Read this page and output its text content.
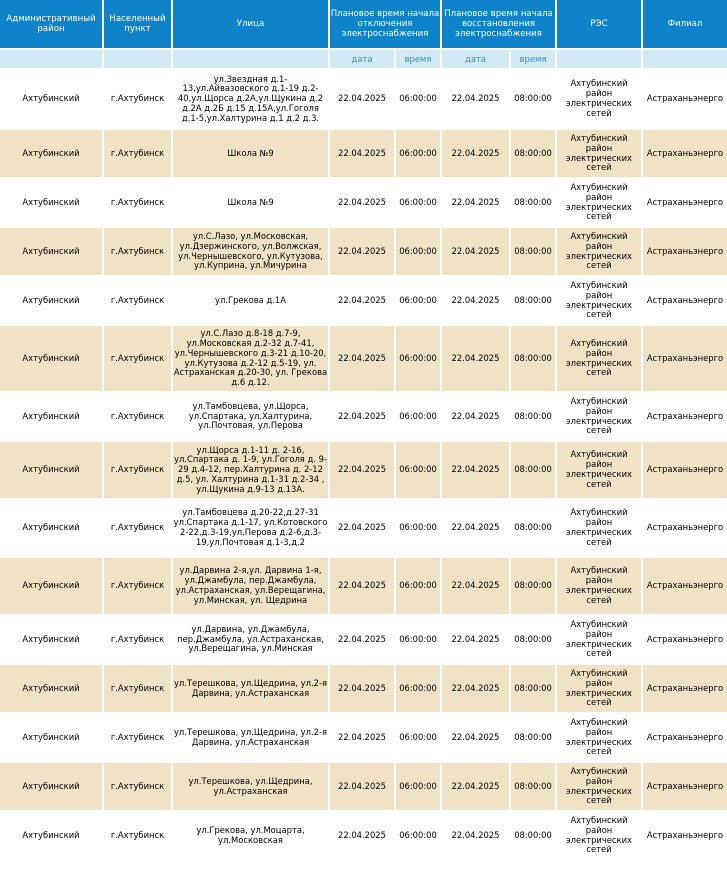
Административный район	Населенный пункт	Улица	Плановое время начала отключения электроснабжения		Плановое время начала восстановления электроснабжения		РЭС	Филиал
			дата	время	дата	время		
Ахтубинский	г.Ахтубинск	ул.Звездная д.1-13,ул.Айвазовского д.1-19 д.2-40,ул.Щорса д.2А,ул.Щукина д.2 д.2А д.2Б д.15 д.15А,ул.Гоголя д.1-5,ул.Халтурина д.1 д.2 д.3.	22.04.2025	06:00:00	22.04.2025	08:00:00	Ахтубинский район электрических сетей	Астраханьэнерго
Ахтубинский	г.Ахтубинск	Школа №9	22.04.2025	06:00:00	22.04.2025	08:00:00	Ахтубинский район электрических сетей	Астраханьэнерго
Ахтубинский	г.Ахтубинск	Школа №9	22.04.2025	06:00:00	22.04.2025	08:00:00	Ахтубинский район электрических сетей	Астраханьэнерго
Ахтубинский	г.Ахтубинск	ул.С.Лазо, ул.Московская, ул.Дзержинского, ул.Волжская, ул.Чернышевского, ул.Кутузова, ул.Куприна, ул.Мичурина	22.04.2025	06:00:00	22.04.2025	08:00:00	Ахтубинский район электрических сетей	Астраханьэнерго
Ахтубинский	г.Ахтубинск	ул.Грекова д.1А	22.04.2025	06:00:00	22.04.2025	08:00:00	Ахтубинский район электрических сетей	Астраханьэнерго
Ахтубинский	г.Ахтубинск	ул.С.Лазо д.8-18 д.7-9, ул.Московская д.2-32 д.7-41, ул.Чернышевского д.3-21 д.10-20, ул.Кутузова д.2-12 д.5-19, ул. Астраханская д.20-30, ул. Грекова д.6 д.12.	22.04.2025	06:00:00	22.04.2025	08:00:00	Ахтубинский район электрических сетей	Астраханьэнерго
Ахтубинский	г.Ахтубинск	ул.Тамбовцева, ул.Щорса, ул.Спартака, ул.Халтурина, ул.Почтовая, ул.Перова	22.04.2025	06:00:00	22.04.2025	08:00:00	Ахтубинский район электрических сетей	Астраханьэнерго
Ахтубинский	г.Ахтубинск	ул.Щорса д.1-11 д. 2-16, ул.Спартака д. 1-9, ул.Гоголя д. 9-29 д.4-12, пер.Халтурина д. 2-12 д.5, ул. Халтурина д.1-31 д.2-34 , ул.Щукина д.9-13 д.13А.	22.04.2025	06:00:00	22.04.2025	08:00:00	Ахтубинский район электрических сетей	Астраханьэнерго
Ахтубинский	г.Ахтубинск	ул.Тамбовцева д.20-22,д.27-31 ул.Спартака д.1-17, ул.Котовского 2-22,д.3-19,ул.Перова д.2-6,д.3-19,ул.Почтовая д.1-3,д.2	22.04.2025	06:00:00	22.04.2025	08:00:00	Ахтубинский район электрических сетей	Астраханьэнерго
Ахтубинский	г.Ахтубинск	ул.Дарвина 2-я,ул. Дарвина 1-я, ул.Джамбула, пер.Джамбула, ул.Астраханская, ул.Верещагина, ул.Минская, ул. Щедрина	22.04.2025	06:00:00	22.04.2025	08:00:00	Ахтубинский район электрических сетей	Астраханьэнерго
Ахтубинский	г.Ахтубинск	ул.Дарвина, ул.Джамбула, пер.Джамбула, ул.Астраханская, ул.Верещагина, ул.Минская	22.04.2025	06:00:00	22.04.2025	08:00:00	Ахтубинский район электрических сетей	Астраханьэнерго
Ахтубинский	г.Ахтубинск	ул.Терешкова, ул.Щедрина, ул.2-я Дарвина, ул.Астраханская	22.04.2025	06:00:00	22.04.2025	08:00:00	Ахтубинский район электрических сетей	Астраханьэнерго
Ахтубинский	г.Ахтубинск	ул.Терешкова, ул.Щедрина, ул.2-я Дарвина, ул.Астраханская	22.04.2025	06:00:00	22.04.2025	08:00:00	Ахтубинский район электрических сетей	Астраханьэнерго
Ахтубинский	г.Ахтубинск	ул.Терешкова, ул.Щедрина, ул.Астраханская	22.04.2025	06:00:00	22.04.2025	08:00:00	Ахтубинский район электрических сетей	Астраханьэнерго
Ахтубинский	г.Ахтубинск	ул.Грекова, ул.Моцарта, ул.Московская	22.04.2025	06:00:00	22.04.2025	08:00:00	Ахтубинский район электрических сетей	Астраханьэнерго
